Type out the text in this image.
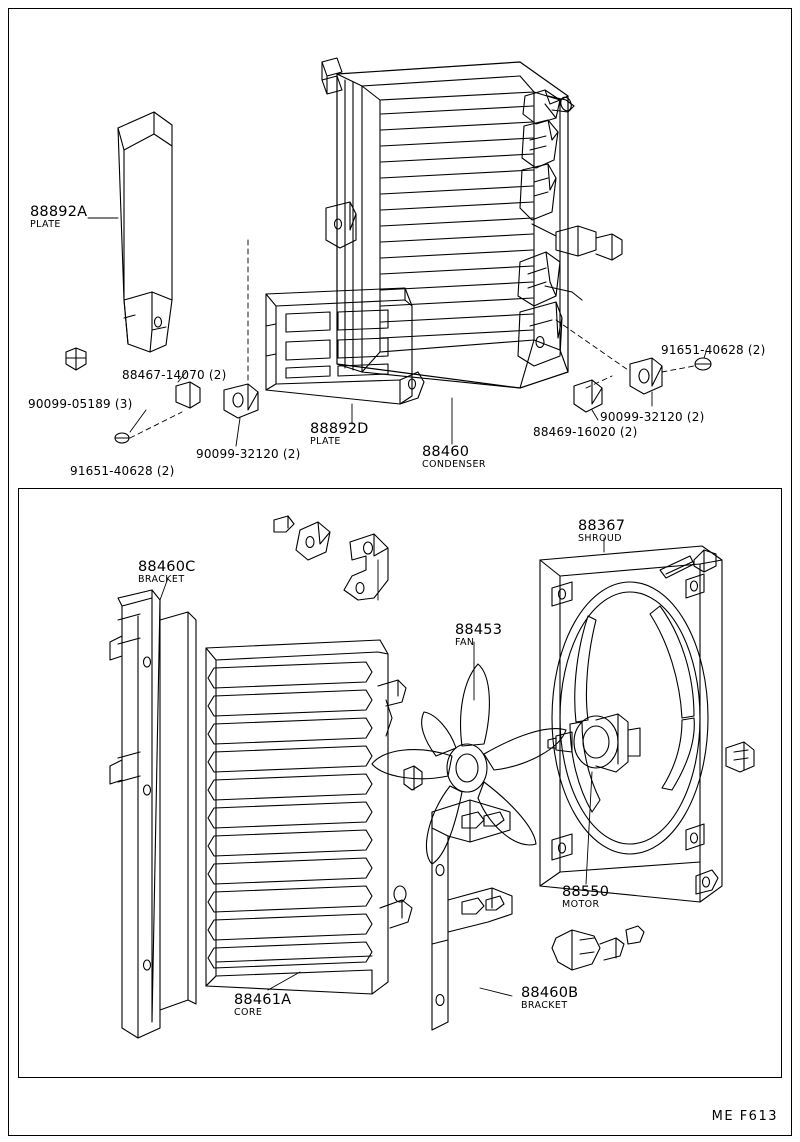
88892A
PLATE
90099-05189 (3)
88467-14070 (2)
91651-40628 (2)
90099-32120 (2)
88892D
PLATE
88460
CONDENSER
88469-16020 (2)
90099-32120 (2)
91651-40628 (2)
88460C
BRACKET
88453
FAN
88367
SHROUD
88550
MOTOR
88461A
CORE
88460B
BRACKET
ME F613
